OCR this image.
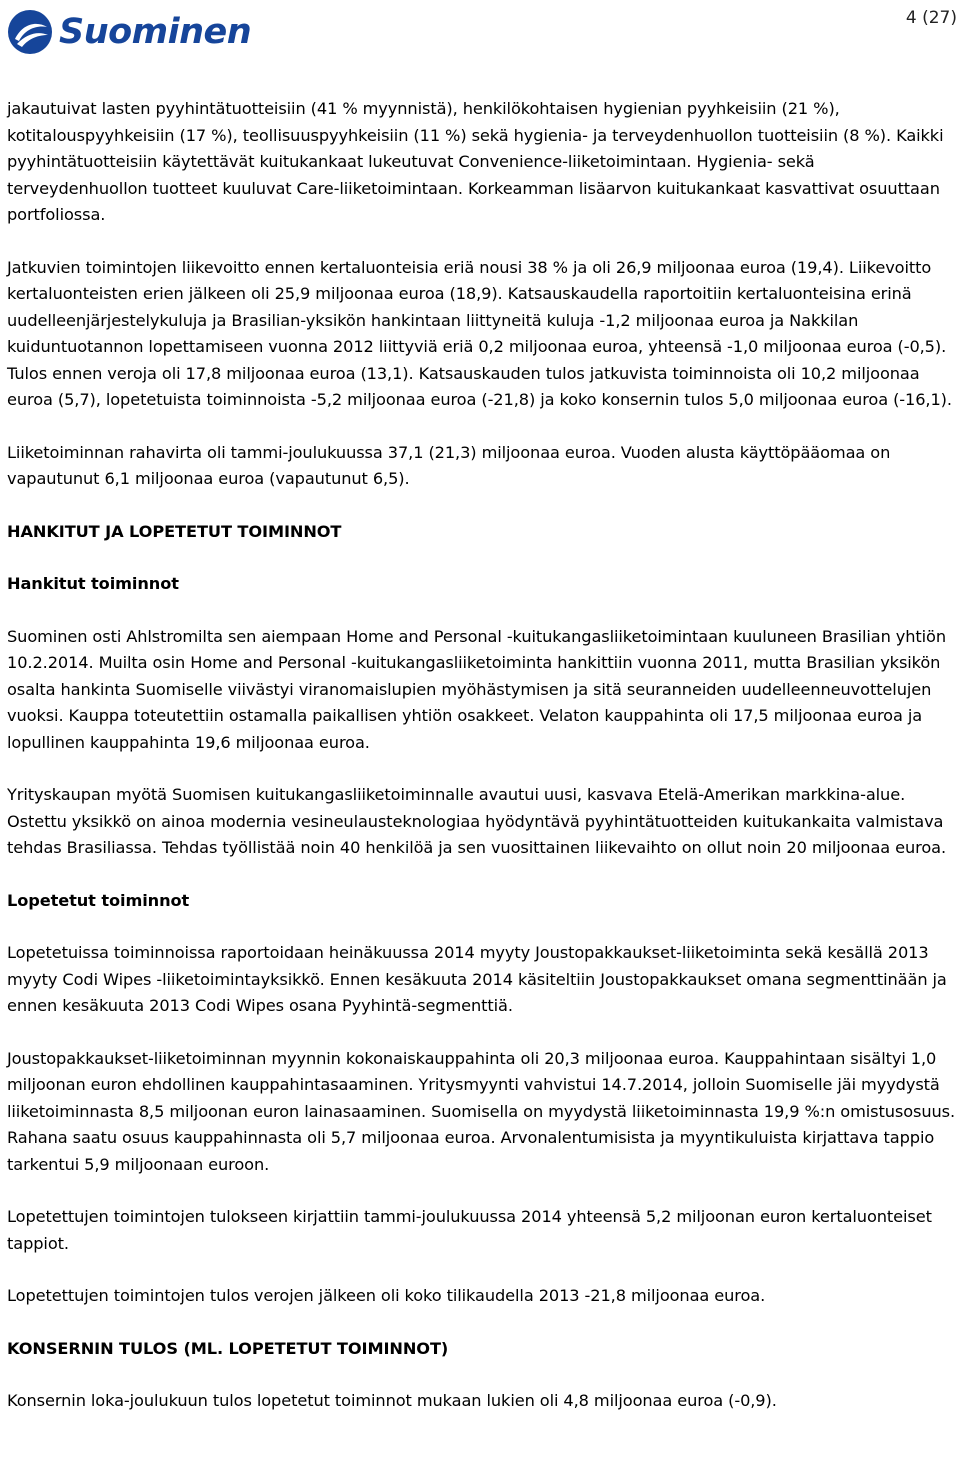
Suominen	4 (27)

jakautuivat lasten pyyhintätuotteisiin (41 % myynnistä), henkilökohtaisen hygienian pyyhkeisiin (21 %), kotitalouspyyhkeisiin (17 %), teollisuuspyyhkeisiin (11 %) sekä hygienia- ja terveydenhuollon tuotteisiin (8 %). Kaikki pyyhintätuotteisiin käytettävät kuitukankaat lukeutuvat Convenience-liiketoimintaan. Hygienia- sekä terveydenhuollon tuotteet kuuluvat Care-liiketoimintaan. Korkeamman lisäarvon kuitukankaat kasvattivat osuuttaan portfoliossa.

Jatkuvien toimintojen liikevoitto ennen kertaluonteisia eriä nousi 38 % ja oli 26,9 miljoonaa euroa (19,4). Liikevoitto kertaluonteisten erien jälkeen oli 25,9 miljoonaa euroa (18,9). Katsauskaudella raportoitiin kertaluonteisina erinä uudelleenjärjestelykuluja ja Brasilian-yksikön hankintaan liittyneitä kuluja -1,2 miljoonaa euroa ja Nakkilan kuiduntuotannon lopettamiseen vuonna 2012 liittyviä eriä 0,2 miljoonaa euroa, yhteensä -1,0 miljoonaa euroa (-0,5). Tulos ennen veroja oli 17,8 miljoonaa euroa (13,1). Katsauskauden tulos jatkuvista toiminnoista oli 10,2 miljoonaa euroa (5,7), lopetetuista toiminnoista -5,2 miljoonaa euroa (-21,8) ja koko konsernin tulos 5,0 miljoonaa euroa (-16,1).

Liiketoiminnan rahavirta oli tammi-joulukuussa 37,1 (21,3) miljoonaa euroa. Vuoden alusta käyttöpääomaa on vapautunut 6,1 miljoonaa euroa (vapautunut 6,5).

HANKITUT JA LOPETETUT TOIMINNOT
Hankitut toiminnot

Suominen osti Ahlstromilta sen aiempaan Home and Personal -kuitukangasliiketoimintaan kuuluneen Brasilian yhtiön 10.2.2014. Muilta osin Home and Personal -kuitukangasliiketoiminta hankittiin vuonna 2011, mutta Brasilian yksikön osalta hankinta Suomiselle viivästyi viranomaislupien myöhästymisen ja sitä seuranneiden uudelleenneuvottelujen vuoksi. Kauppa toteutettiin ostamalla paikallisen yhtiön osakkeet. Velaton kauppahinta oli 17,5 miljoonaa euroa ja lopullinen kauppahinta 19,6 miljoonaa euroa.

Yrityskaupan myötä Suomisen kuitukangasliiketoiminnalle avautui uusi, kasvava Etelä-Amerikan markkina-alue. Ostettu yksikkö on ainoa modernia vesineulausteknologiaa hyödyntävä pyyhintätuotteiden kuitukankaita valmistava tehdas Brasiliassa. Tehdas työllistää noin 40 henkilöä ja sen vuosittainen liikevaihto on ollut noin 20 miljoonaa euroa.

Lopetetut toiminnot

Lopetetuissa toiminnoissa raportoidaan heinäkuussa 2014 myyty Joustopakkaukset-liiketoiminta sekä kesällä 2013 myyty Codi Wipes -liiketoimintayksikkö. Ennen kesäkuuta 2014 käsiteltiin Joustopakkaukset omana segmenttinään ja ennen kesäkuuta 2013 Codi Wipes osana Pyyhintä-segmenttiä.

Joustopakkaukset-liiketoiminnan myynnin kokonaiskauppahinta oli 20,3 miljoonaa euroa. Kauppahintaan sisältyi 1,0 miljoonan euron ehdollinen kauppahintasaaminen. Yritysmyynti vahvistui 14.7.2014, jolloin Suomiselle jäi myydystä liiketoiminnasta 8,5 miljoonan euron lainasaaminen. Suomisella on myydystä liiketoiminnasta 19,9 %:n omistusosuus. Rahana saatu osuus kauppahinnasta oli 5,7 miljoonaa euroa. Arvonalentumisista ja myyntikuluista kirjattava tappio tarkentui 5,9 miljoonaan euroon.

Lopetettujen toimintojen tulokseen kirjattiin tammi-joulukuussa 2014 yhteensä 5,2 miljoonan euron kertaluonteiset tappiot.

Lopetettujen toimintojen tulos verojen jälkeen oli koko tilikaudella 2013 -21,8 miljoonaa euroa.

KONSERNIN TULOS (ML. LOPETETUT TOIMINNOT)

Konsernin loka-joulukuun tulos lopetetut toiminnot mukaan lukien oli 4,8 miljoonaa euroa (-0,9).
